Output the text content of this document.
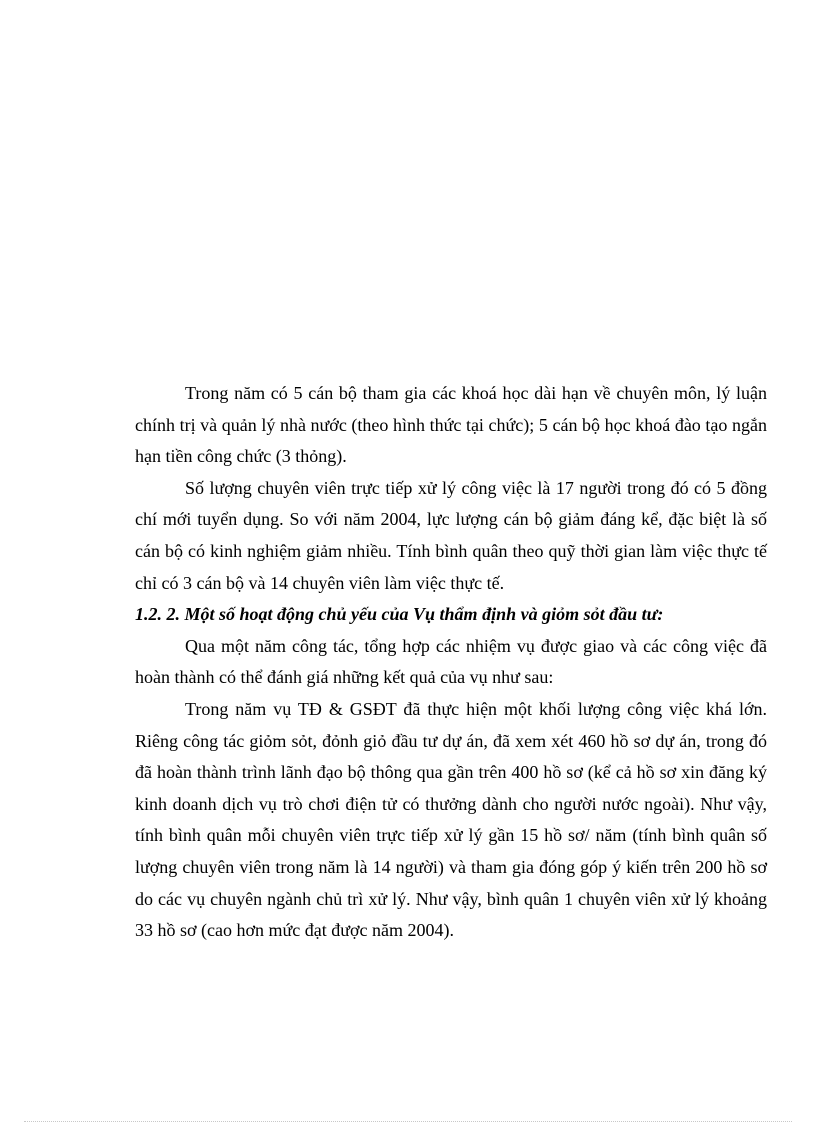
Trong năm có 5 cán bộ tham gia các khoá học dài hạn về chuyên môn, lý luận chính trị và quản lý nhà nước (theo hình thức tại chức); 5 cán bộ học khoá đào tạo ngắn hạn tiền công chức (3 thỏng).

Số lượng chuyên viên trực tiếp xử lý công việc là 17 người trong đó có 5 đồng chí mới tuyển dụng. So với năm 2004, lực lượng cán bộ giảm đáng kể, đặc biệt là số cán bộ có kinh nghiệm giảm nhiều. Tính bình quân theo quỹ thời gian làm việc thực tế chỉ có 3 cán bộ và 14 chuyên viên làm việc thực tế.

1.2. 2. Một số hoạt động chủ yếu của Vụ thẩm định và giỏm sỏt đầu tư:

Qua một năm công tác, tổng hợp các nhiệm vụ được giao và các công việc đã hoàn thành có thể đánh giá những kết quả của vụ như sau:

Trong năm vụ TĐ & GSĐT đã thực hiện một khối lượng công việc khá lớn. Riêng công tác giỏm sỏt, đỏnh giỏ đầu tư dự án, đã xem xét 460 hồ sơ dự án, trong đó đã hoàn thành trình lãnh đạo bộ thông qua gần trên 400 hồ sơ (kể cả hồ sơ xin đăng ký kinh doanh dịch vụ trò chơi điện tử có thưởng dành cho người nước ngoài). Như vậy, tính bình quân mỗi chuyên viên trực tiếp xử lý gần 15 hồ sơ/ năm (tính bình quân số lượng chuyên viên trong năm là 14 người) và tham gia đóng góp ý kiến trên 200 hồ sơ do các vụ chuyên ngành chủ trì xử lý. Như vậy, bình quân 1 chuyên viên xử lý khoảng 33 hồ sơ (cao hơn mức đạt được năm 2004).
